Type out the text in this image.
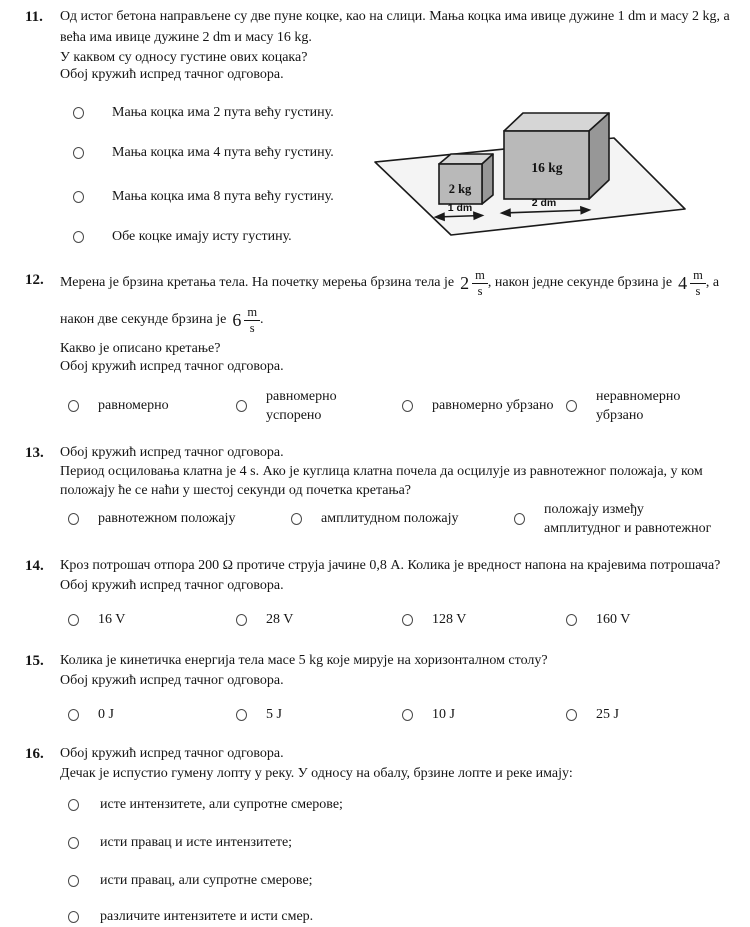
11. Од истог бетона направљене су две пуне коцке, као на слици. Мања коцка има ивице дужине 1 dm и масу 2 kg, а
већа има ивице дужине 2 dm и масу 16 kg.
У каквом су односу густине ових коцака?
Обој кружић испред тачног одговора.
Мања коцка има 2 пута већу густину.
Мања коцка има 4 пута већу густину.
Мања коцка има 8 пута већу густину.
Обе коцке имају исту густину.
2 kg
16 kg
1 dm	2 dm
12. Мерена је брзина кретања тела. На почетку мерења брзина тела је $2 \frac{m}{s}$ , након једне секунде брзина је $4 \frac{m}{s}$ , а
након две секунде брзина је $6 \frac{m}{s}$ .
Какво је описано кретање?
Обој кружић испред тачног одговора.
равномерно
равномерно успорено
равномерно убрзано
неравномерно убрзано
13. Обој кружић испред тачног одговора.
Период осциловања клатна је 4 s. Ако је куглица клатна почела да осцилује из равнотежног положаја, у ком
положају ће се наћи у шестој секунди од почетка кретања?
равнотежном положају	амплитудном положају
положају између амплитудног и равнотежног
14. Кроз потрошач отпора 200 Ω протиче струја јачине 0,8 А. Колика је вредност напона на крајевима потрошача?
Обој кружић испред тачног одговора.
16 V	28 V	128 V	160 V
15. Колика је кинетичка енергија тела масе 5 kg које мирује на хоризонталном столу?
Обој кружић испред тачног одговора.
0 J	5 J	10 J	25 J
16. Обој кружић испред тачног одговора.
Дечак је испустио гумену лопту у реку. У односу на обалу, брзине лопте и реке имају:
исте интензитете, али супротне смерове;
исти правац и исте интензитете;
исти правац, али супротне смерове;
различите интензитете и исти смер.
